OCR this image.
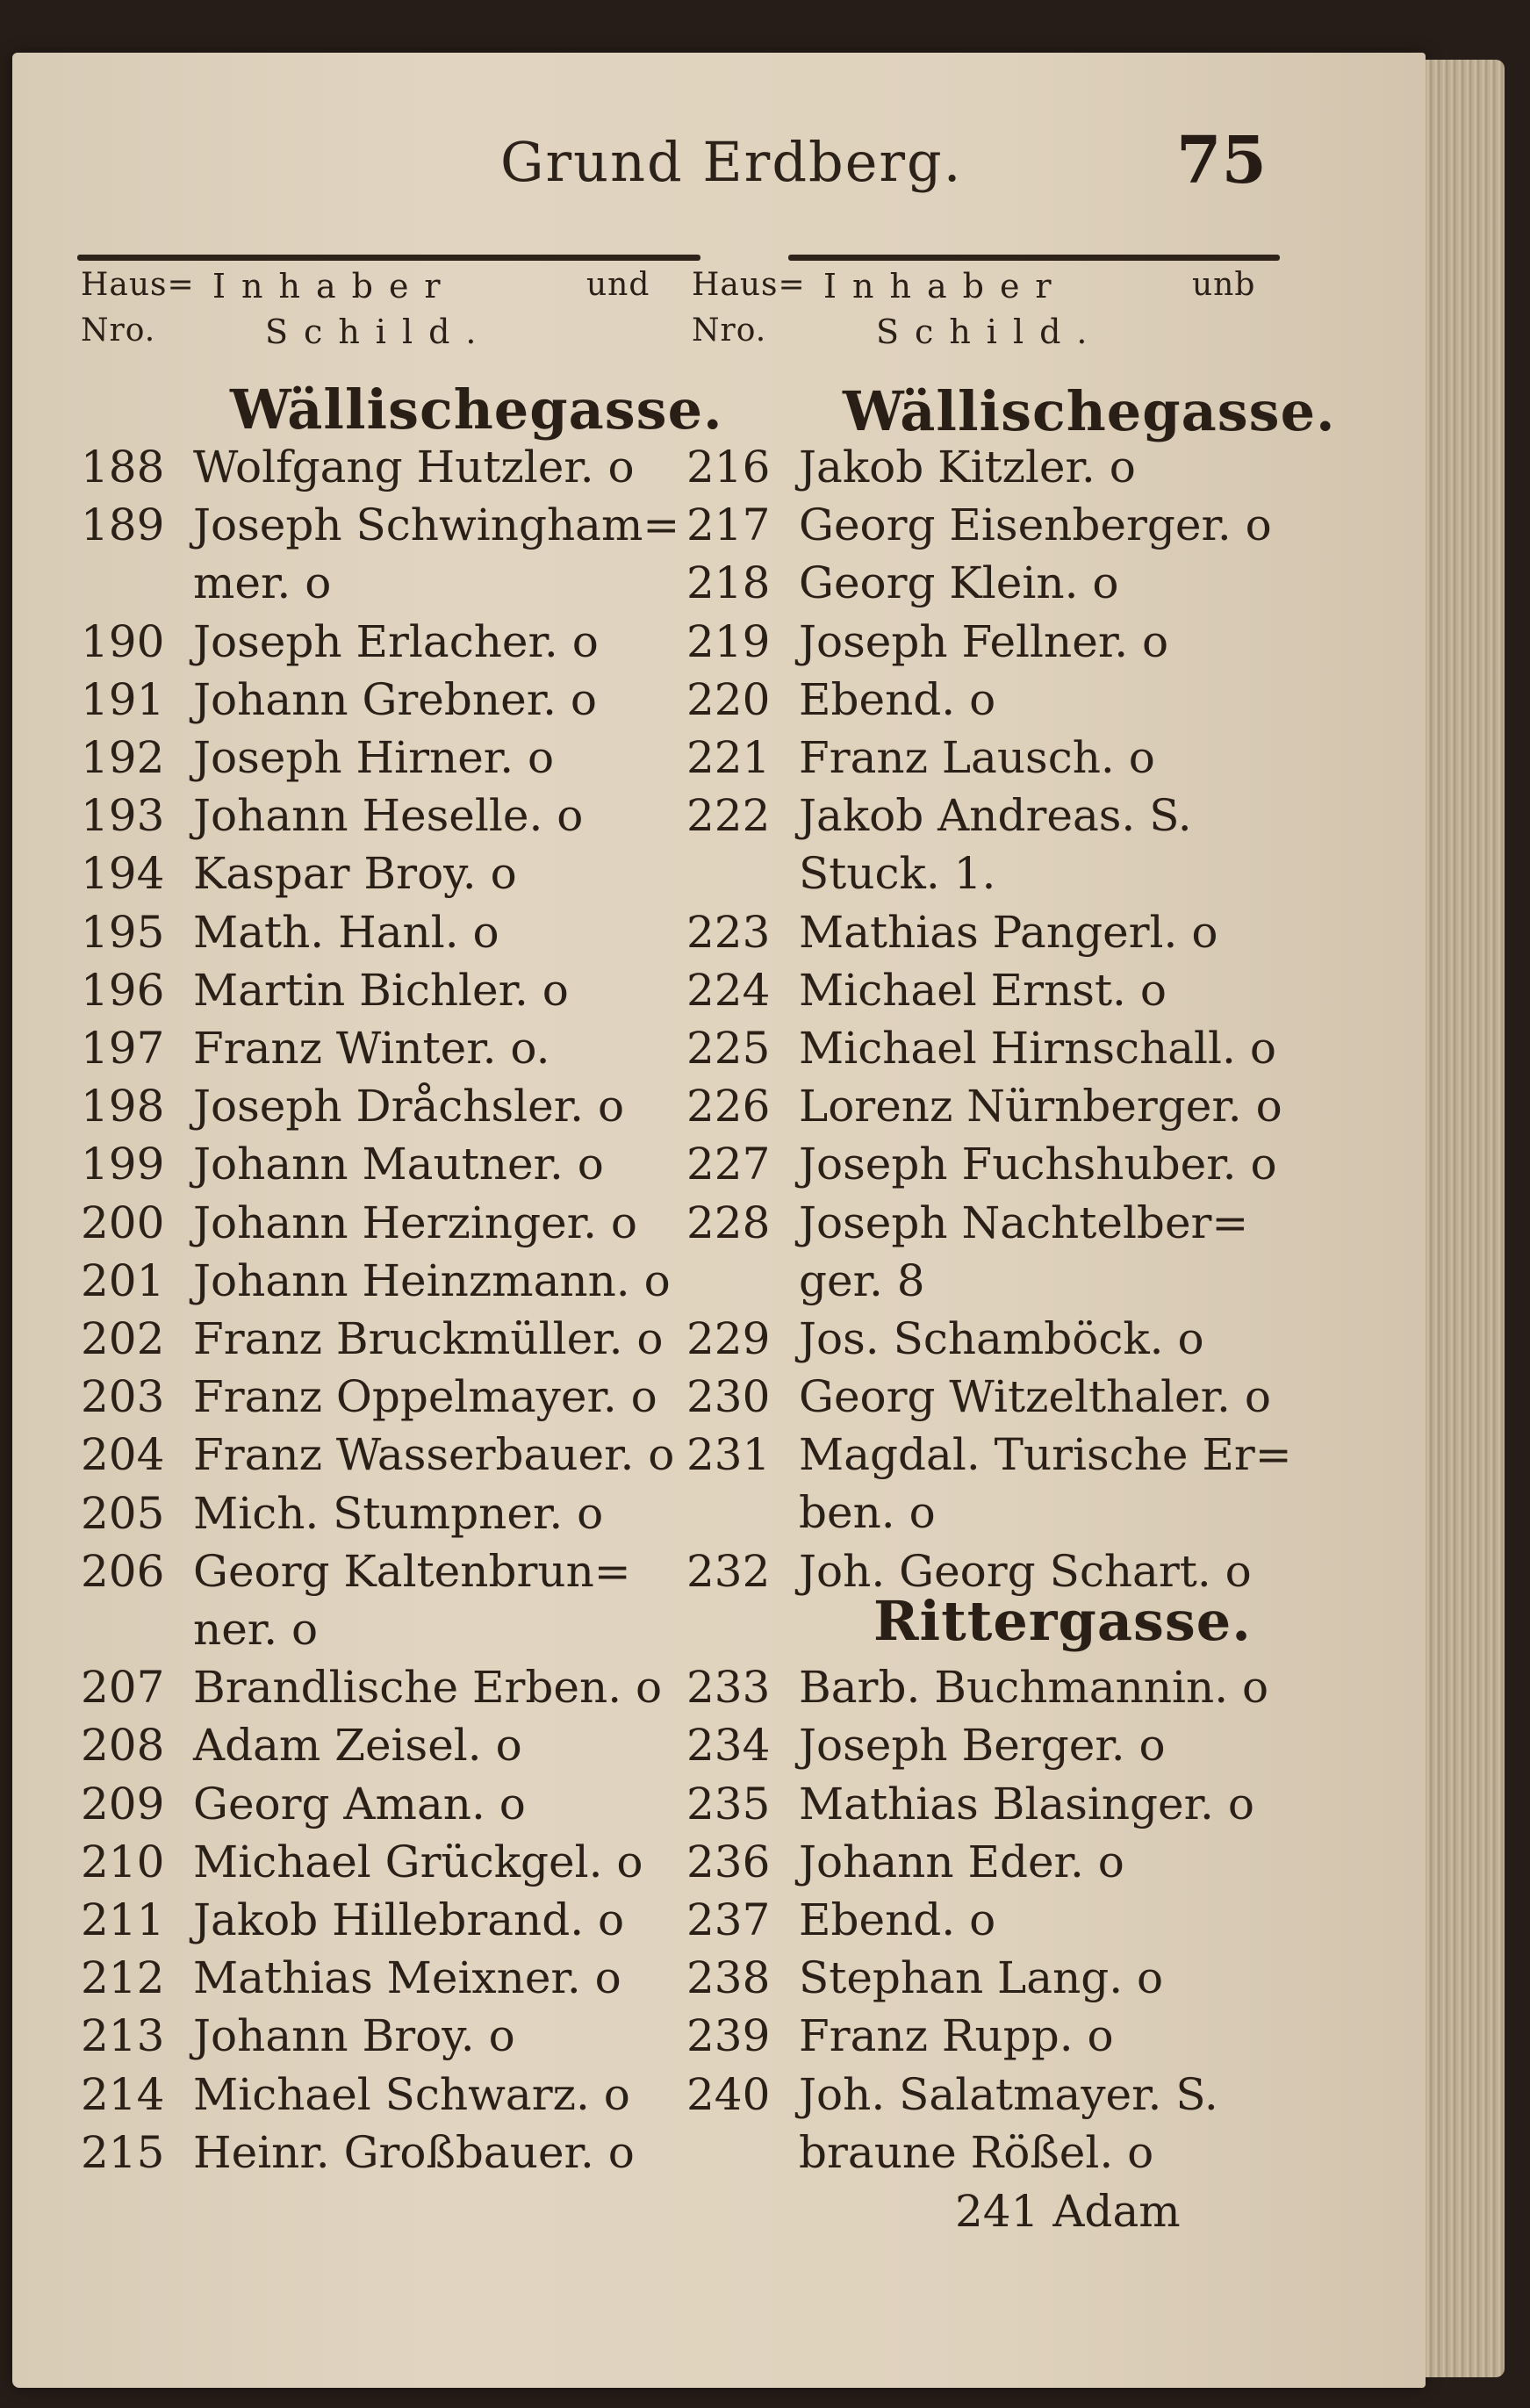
Grund Erdberg.	75
Haus= Inhaber	und
Nro.	Schild.
Haus= Inhaber	unb
Nro.	Schild.
Wällischegasse. Wällischegasse.
Rittergasse.
188 Wolfgang Hutzler. o
189 Joseph Schwingham=
mer. o
190 Joseph Erlacher. o
191 Johann Grebner. o
192 Joseph Hirner. o
193 Johann Heselle. o
194 Kaspar Broy. o
195 Math. Hanl. o
196 Martin Bichler. o
197 Franz Winter. o.
198 Joseph Dråchsler. o
199 Johann Mautner. o
200 Johann Herzinger. o
201 Johann Heinzmann. o
202 Franz Bruckmüller. o
203 Franz Oppelmayer. o
204 Franz Wasserbauer. o
205 Mich. Stumpner. o
206 Georg Kaltenbrun=
ner. o
207 Brandlische Erben. o
208 Adam Zeisel. o
209 Georg Aman. o
210 Michael Grückgel. o
211 Jakob Hillebrand. o
212 Mathias Meixner. o
213 Johann Broy. o
214 Michael Schwarz. o
215 Heinr. Großbauer. o
216 Jakob Kitzler. o
217 Georg Eisenberger. o
218 Georg Klein. o
219 Joseph Fellner. o
220 Ebend. o
221 Franz Lausch. o
222 Jakob Andreas. S.
Stuck. 1.
223 Mathias Pangerl. o
224 Michael Ernst. o
225 Michael Hirnschall. o
226 Lorenz Nürnberger. o
227 Joseph Fuchshuber. o
228 Joseph Nachtelber=
ger. 8
229 Jos. Schamböck. o
230 Georg Witzelthaler. o
231 Magdal. Turische Er=
ben. o
232 Joh. Georg Schart. o
233 Barb. Buchmannin. o
234 Joseph Berger. o
235 Mathias Blasinger. o
236 Johann Eder. o
237 Ebend. o
238 Stephan Lang. o
239 Franz Rupp. o
240 Joh. Salatmayer. S.
braune Rößel. o
241 Adam
